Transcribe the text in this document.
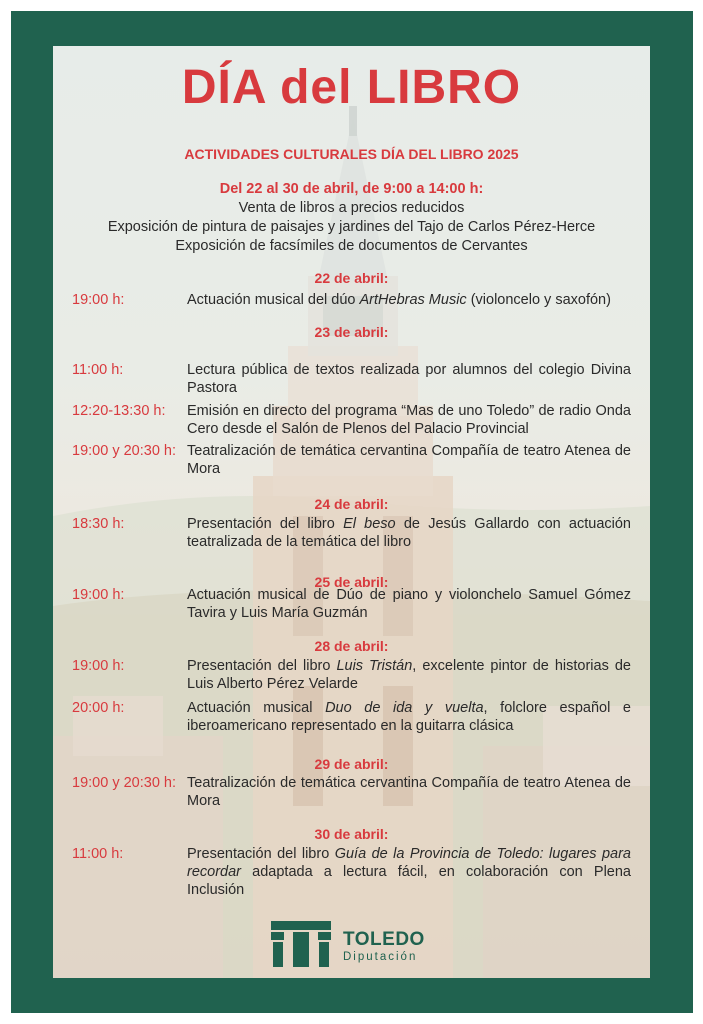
DÍA del LIBRO
ACTIVIDADES CULTURALES DÍA DEL LIBRO 2025
Del 22 al 30 de abril, de 9:00 a 14:00 h:
Venta de libros a precios reducidos
Exposición de pintura de paisajes y jardines del Tajo de Carlos Pérez-Herce
Exposición de facsímiles de documentos de Cervantes
22 de abril:
19:00 h:	Actuación musical del dúo ArtHebras Music (violoncelo y saxofón)
23 de abril:
11:00 h:	Lectura pública de textos realizada por alumnos del colegio Divina Pastora
12:20-13:30 h: Emisión en directo del programa “Mas de uno Toledo” de radio Onda Cero desde el Salón de Plenos del Palacio Provincial
19:00 y 20:30 h: Teatralización de temática cervantina Compañía de teatro Atenea de Mora
24 de abril:
18:30 h:	Presentación del libro El beso de Jesús Gallardo con actuación teatralizada de la temática del libro
25 de abril:
19:00 h:	Actuación musical de Dúo de piano y violonchelo Samuel Gómez Tavira y Luis María Guzmán
28 de abril:
19:00 h:	Presentación del libro Luis Tristán, excelente pintor de historias de Luis Alberto Pérez Velarde
20:00 h:	Actuación musical Duo de ida y vuelta, folclore español e iberoamericano representado en la guitarra clásica
29 de abril:
19:00 y 20:30 h: Teatralización de temática cervantina Compañía de teatro Atenea de Mora
30 de abril:
11:00 h:	Presentación del libro Guía de la Provincia de Toledo: lugares para recordar adaptada a lectura fácil, en colaboración con Plena Inclusión
TOLEDO
Diputación
